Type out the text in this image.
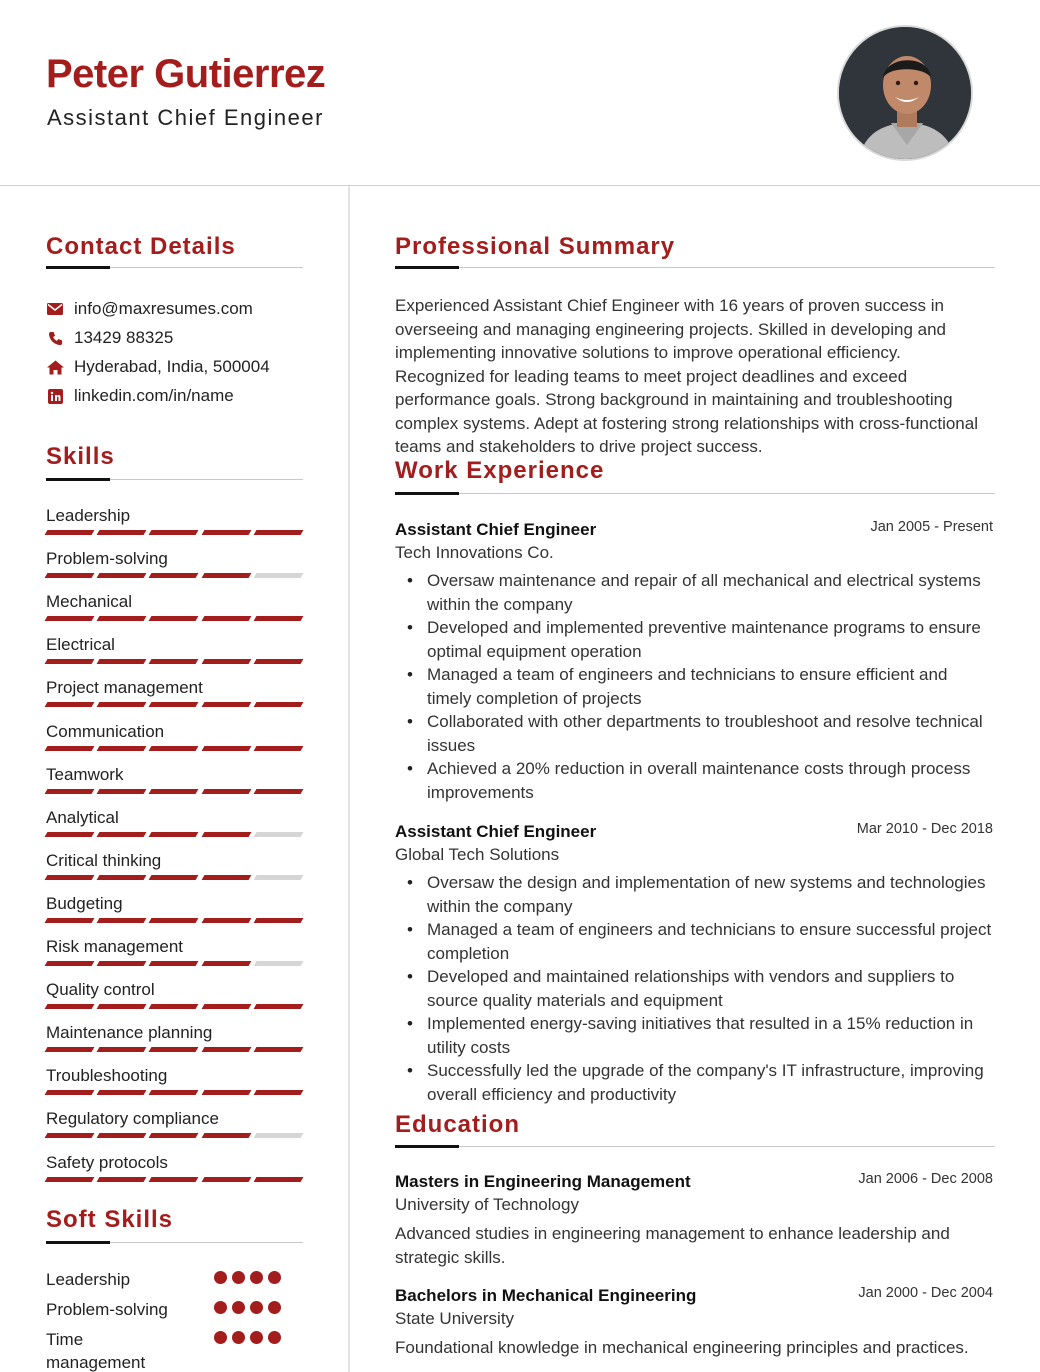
Peter Gutierrez
Assistant Chief Engineer
Contact Details
info@maxresumes.com
13429 88325
Hyderabad, India, 500004
linkedin.com/in/name
Skills
Leadership
Problem-solving
Mechanical
Electrical
Project management
Communication
Teamwork
Analytical
Critical thinking
Budgeting
Risk management
Quality control
Maintenance planning
Troubleshooting
Regulatory compliance
Safety protocols
Soft Skills
Leadership
Problem-solving
Time management
Professional Summary
Experienced Assistant Chief Engineer with 16 years of proven success in overseeing and managing engineering projects. Skilled in developing and implementing innovative solutions to improve operational efficiency. Recognized for leading teams to meet project deadlines and exceed performance goals. Strong background in maintaining and troubleshooting complex systems. Adept at fostering strong relationships with cross-functional teams and stakeholders to drive project success.
Work Experience
Assistant Chief Engineer	Jan 2005 - Present
Tech Innovations Co.
• Oversaw maintenance and repair of all mechanical and electrical systems within the company
• Developed and implemented preventive maintenance programs to ensure optimal equipment operation
• Managed a team of engineers and technicians to ensure efficient and timely completion of projects
• Collaborated with other departments to troubleshoot and resolve technical issues
• Achieved a 20% reduction in overall maintenance costs through process improvements
Assistant Chief Engineer	Mar 2010 - Dec 2018
Global Tech Solutions
• Oversaw the design and implementation of new systems and technologies within the company
• Managed a team of engineers and technicians to ensure successful project completion
• Developed and maintained relationships with vendors and suppliers to source quality materials and equipment
• Implemented energy-saving initiatives that resulted in a 15% reduction in utility costs
• Successfully led the upgrade of the company's IT infrastructure, improving overall efficiency and productivity
Education
Masters in Engineering Management	Jan 2006 - Dec 2008
University of Technology
Advanced studies in engineering management to enhance leadership and strategic skills.
Bachelors in Mechanical Engineering	Jan 2000 - Dec 2004
State University
Foundational knowledge in mechanical engineering principles and practices.
